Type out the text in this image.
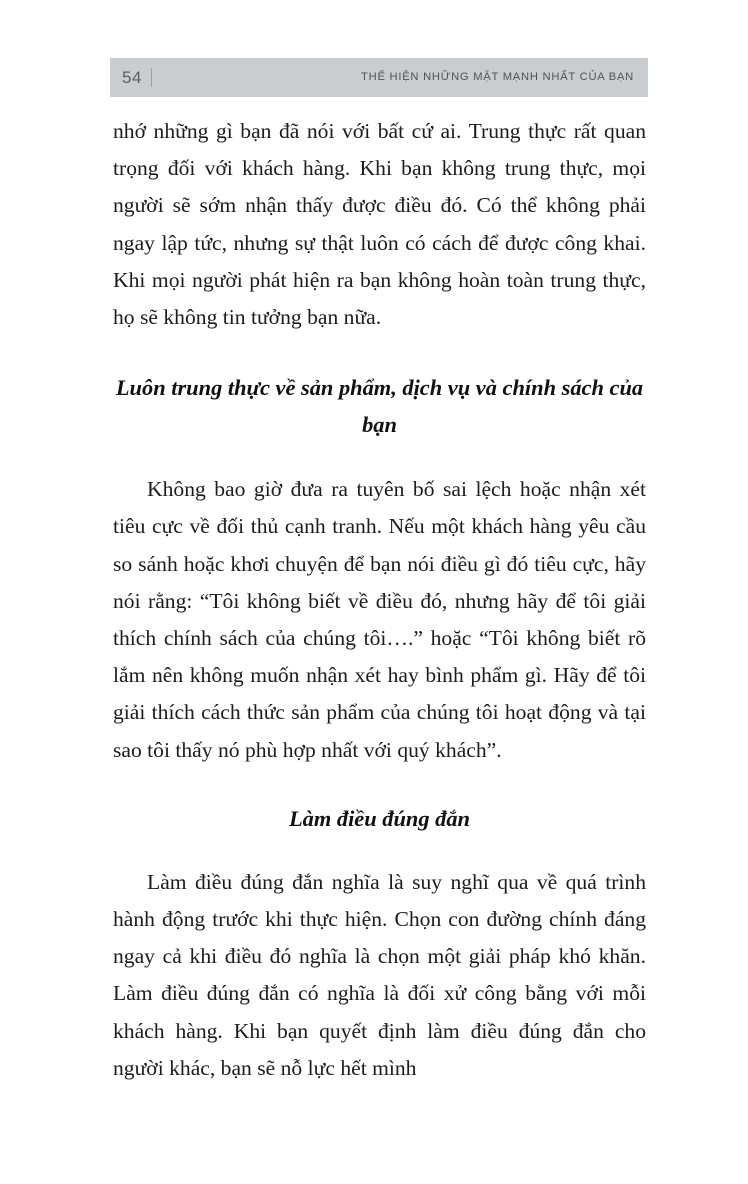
54	THỂ HIỆN NHỮNG MẶT MẠNH NHẤT CỦA BẠN

nhớ những gì bạn đã nói với bất cứ ai. Trung thực rất quan trọng đối với khách hàng. Khi bạn không trung thực, mọi người sẽ sớm nhận thấy được điều đó. Có thể không phải ngay lập tức, nhưng sự thật luôn có cách để được công khai. Khi mọi người phát hiện ra bạn không hoàn toàn trung thực, họ sẽ không tin tưởng bạn nữa.

Luôn trung thực về sản phẩm, dịch vụ và chính sách của bạn

Không bao giờ đưa ra tuyên bố sai lệch hoặc nhận xét tiêu cực về đối thủ cạnh tranh. Nếu một khách hàng yêu cầu so sánh hoặc khơi chuyện để bạn nói điều gì đó tiêu cực, hãy nói rằng: “Tôi không biết về điều đó, nhưng hãy để tôi giải thích chính sách của chúng tôi….” hoặc “Tôi không biết rõ lắm nên không muốn nhận xét hay bình phẩm gì. Hãy để tôi giải thích cách thức sản phẩm của chúng tôi hoạt động và tại sao tôi thấy nó phù hợp nhất với quý khách”.

Làm điều đúng đắn

Làm điều đúng đắn nghĩa là suy nghĩ qua về quá trình hành động trước khi thực hiện. Chọn con đường chính đáng ngay cả khi điều đó nghĩa là chọn một giải pháp khó khăn. Làm điều đúng đắn có nghĩa là đối xử công bằng với mỗi khách hàng. Khi bạn quyết định làm điều đúng đắn cho người khác, bạn sẽ nỗ lực hết mình
